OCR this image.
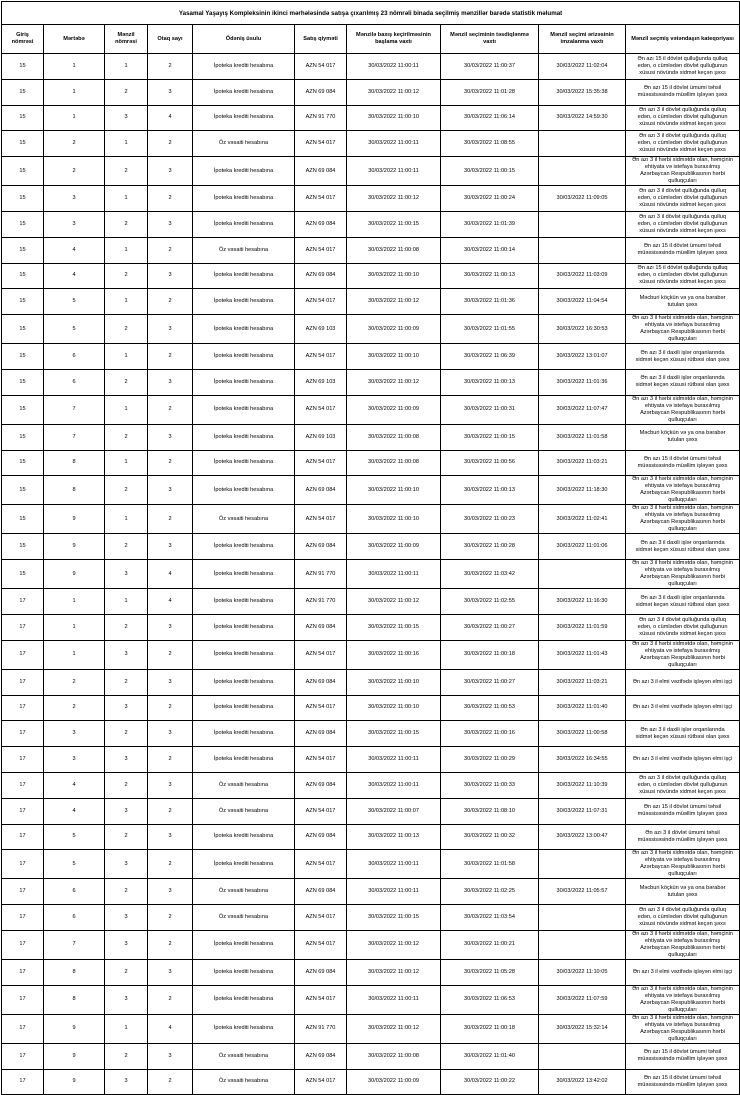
Yasamal Yaşayış Kompleksinin ikinci mərhələsində satışa çıxarılmış 23 nömrəli binada seçilmiş mənzillər barədə statistik məlumat									
Giriş nömrəsi	Mərtəbə	Mənzil nömrəsi	Otaq sayı	Ödəniş üsulu	Satış qiyməti	Mənzilə baxış keçirilməsinin başlama vaxtı	Mənzil seçiminin təsdiqlənmə vaxtı	Mənzil seçimi ərizəsinin imzalanma vaxtı	Mənzil seçmiş vətəndaşın kateqoriyası
15	1	1	2	İpoteka krediti hesabına	AZN 54 017	30/03/2022 11:00:11	30/03/2022 11:00:37	30/03/2022 11:02:04	Ən azı 15 il dövlət qulluğunda qulluq edən, o cümlədən dövlət qulluğunun xüsusi növündə xidmət keçən şəxs
15	1	2	3	İpoteka krediti hesabına	AZN 69 084	30/03/2022 11:00:12	30/03/2022 11:01:28	30/03/2022 15:35:38	Ən azı 15 il dövlət ümumi təhsil müəssisəsində müəllim işləyən şəxs
15	1	3	4	İpoteka krediti hesabına	AZN 91 770	30/03/2022 11:00:10	30/03/2022 11:06:14	30/03/2022 14:59:30	Ən azı 3 il dövlət qulluğunda qulluq edən, o cümlədən dövlət qulluğunun xüsusi növündə xidmət keçən şəxs
15	2	1	2	Öz vəsaiti hesabına	AZN 54 017	30/03/2022 11:00:11	30/03/2022 11:08:55		Ən azı 3 il dövlət qulluğunda qulluq edən, o cümlədən dövlət qulluğunun xüsusi növündə xidmət keçən şəxs
15	2	2	3	İpoteka krediti hesabına	AZN 69 084	30/03/2022 11:00:11	30/03/2022 11:00:15		Ən azı 3 il hərbi xidmətdə olan, həmçinin ehtiyata və istefaya buraxılmış Azərbaycan Respublikasının hərbi qulluqçuları
15	3	1	2	İpoteka krediti hesabına	AZN 54 017	30/03/2022 11:00:12	30/03/2022 11:00:24	30/03/2022 11:09:05	Ən azı 3 il dövlət qulluğunda qulluq edən, o cümlədən dövlət qulluğunun xüsusi növündə xidmət keçən şəxs
15	3	2	3	İpoteka krediti hesabına	AZN 69 084	30/03/2022 11:00:15	30/03/2022 11:01:39		Ən azı 3 il dövlət qulluğunda qulluq edən, o cümlədən dövlət qulluğunun xüsusi növündə xidmət keçən şəxs
15	4	1	2	Öz vəsaiti hesabına	AZN 54 017	30/03/2022 11:00:08	30/03/2022 11:00:14		Ən azı 15 il dövlət ümumi təhsil müəssisəsində müəllim işləyən şəxs
15	4	2	3	İpoteka krediti hesabına	AZN 69 084	30/03/2022 11:00:10	30/03/2022 11:00:13	30/03/2022 11:03:09	Ən azı 15 il dövlət qulluğunda qulluq edən, o cümlədən dövlət qulluğunun xüsusi növündə xidmət keçən şəxs
15	5	1	2	İpoteka krediti hesabına	AZN 54 017	30/03/2022 11:00:12	30/03/2022 11:01:36	30/03/2022 11:04:54	Məcburi köçkün və ya ona bərabər tutulan şəxs
15	5	2	3	İpoteka krediti hesabına	AZN 69 103	30/03/2022 11:00:09	30/03/2022 11:01:55	30/03/2022 16:30:53	Ən azı 3 il hərbi xidmətdə olan, həmçinin ehtiyata və istefaya buraxılmış Azərbaycan Respublikasının hərbi qulluqçuları
15	6	1	2	İpoteka krediti hesabına	AZN 54 017	30/03/2022 11:00:10	30/03/2022 11:06:39	30/03/2022 13:01:07	Ən azı 3 il daxili işlər orqanlarında xidmət keçən xüsusi rütbəsi olan şəxs
15	6	2	3	İpoteka krediti hesabına	AZN 69 103	30/03/2022 11:00:12	30/03/2022 11:00:13	30/03/2022 11:01:36	Ən azı 3 il daxili işlər orqanlarında xidmət keçən xüsusi rütbəsi olan şəxs
15	7	1	2	İpoteka krediti hesabına	AZN 54 017	30/03/2022 11:00:09	30/03/2022 11:00:31	30/03/2022 11:07:47	Ən azı 3 il hərbi xidmətdə olan, həmçinin ehtiyata və istefaya buraxılmış Azərbaycan Respublikasının hərbi qulluqçuları
15	7	2	3	İpoteka krediti hesabına	AZN 69 103	30/03/2022 11:00:08	30/03/2022 11:00:15	30/03/2022 11:01:58	Məcburi köçkün və ya ona bərabər tutulan şəxs
15	8	1	2	İpoteka krediti hesabına	AZN 54 017	30/03/2022 11:00:08	30/03/2022 11:00:56	30/03/2022 11:03:21	Ən azı 15 il dövlət ümumi təhsil müəssisəsində müəllim işləyən şəxs
15	8	2	3	İpoteka krediti hesabına	AZN 69 084	30/03/2022 11:00:10	30/03/2022 11:00:13	30/03/2022 11:18:30	Ən azı 3 il hərbi xidmətdə olan, həmçinin ehtiyata və istefaya buraxılmış Azərbaycan Respublikasının hərbi qulluqçuları
15	9	1	2	Öz vəsaiti hesabına	AZN 54 017	30/03/2022 11:00:10	30/03/2022 11:00:23	30/03/2022 11:02:41	Ən azı 3 il hərbi xidmətdə olan, həmçinin ehtiyata və istefaya buraxılmış Azərbaycan Respublikasının hərbi qulluqçuları
15	9	2	3	İpoteka krediti hesabına	AZN 69 084	30/03/2022 11:00:09	30/03/2022 11:00:28	30/03/2022 11:01:06	Ən azı 3 il daxili işlər orqanlarında xidmət keçən xüsusi rütbəsi olan şəxs
15	9	3	4	İpoteka krediti hesabına	AZN 91 770	30/03/2022 11:00:11	30/03/2022 11:03:42		Ən azı 3 il hərbi xidmətdə olan, həmçinin ehtiyata və istefaya buraxılmış Azərbaycan Respublikasının hərbi qulluqçuları
17	1	1	4	İpoteka krediti hesabına	AZN 91 770	30/03/2022 11:00:12	30/03/2022 11:02:55	30/03/2022 11:16:30	Ən azı 3 il daxili işlər orqanlarında xidmət keçən xüsusi rütbəsi olan şəxs
17	1	2	3	İpoteka krediti hesabına	AZN 69 084	30/03/2022 11:00:15	30/03/2022 11:00:27	30/03/2022 11:01:59	Ən azı 3 il dövlət qulluğunda qulluq edən, o cümlədən dövlət qulluğunun xüsusi növündə xidmət keçən şəxs
17	1	3	2	İpoteka krediti hesabına	AZN 54 017	30/03/2022 11:00:16	30/03/2022 11:00:18	30/03/2022 11:01:43	Ən azı 3 il hərbi xidmətdə olan, həmçinin ehtiyata və istefaya buraxılmış Azərbaycan Respublikasının hərbi qulluqçuları
17	2	2	3	İpoteka krediti hesabına	AZN 69 084	30/03/2022 11:00:10	30/03/2022 11:00:27	30/03/2022 11:03:21	Ən azı 3 il elmi vəzifədə işləyən elmi işçi
17	2	3	2	İpoteka krediti hesabına	AZN 54 017	30/03/2022 11:00:10	30/03/2022 11:00:53	30/03/2022 11:01:40	Ən azı 3 il elmi vəzifədə işləyən elmi işçi
17	3	2	3	İpoteka krediti hesabına	AZN 69 084	30/03/2022 11:00:15	30/03/2022 11:00:16	30/03/2022 11:00:58	Ən azı 3 il daxili işlər orqanlarında xidmət keçən xüsusi rütbəsi olan şəxs
17	3	3	2	İpoteka krediti hesabına	AZN 54 017	30/03/2022 11:00:11	30/03/2022 11:00:29	30/03/2022 16:34:55	Ən azı 3 il elmi vəzifədə işləyən elmi işçi
17	4	2	3	Öz vəsaiti hesabına	AZN 69 084	30/03/2022 11:00:11	30/03/2022 11:00:33	30/03/2022 11:10:39	Ən azı 3 il dövlət qulluğunda qulluq edən, o cümlədən dövlət qulluğunun xüsusi növündə xidmət keçən şəxs
17	4	3	2	Öz vəsaiti hesabına	AZN 54 017	30/03/2022 11:00:07	30/03/2022 11:08:10	30/03/2022 11:07:31	Ən azı 15 il dövlət ümumi təhsil müəssisəsində müəllim işləyən şəxs
17	5	2	3	İpoteka krediti hesabına	AZN 69 084	30/03/2022 11:00:13	30/03/2022 11:00:32	30/03/2022 13:00:47	Ən azı 3 il dövlət ümumi təhsil müəssisəsində müəllim işləyən şəxs
17	5	3	2	İpoteka krediti hesabına	AZN 54 017	30/03/2022 11:00:11	30/03/2022 11:01:58		Ən azı 3 il hərbi xidmətdə olan, həmçinin ehtiyata və istefaya buraxılmış Azərbaycan Respublikasının hərbi qulluqçuları
17	6	2	3	Öz vəsaiti hesabına	AZN 69 084	30/03/2022 11:00:11	30/03/2022 11:02:25	30/03/2022 11:05:57	Məcburi köçkün və ya ona bərabər tutulan şəxs
17	6	3	2	Öz vəsaiti hesabına	AZN 54 017	30/03/2022 11:00:15	30/03/2022 11:03:54		Ən azı 3 il dövlət qulluğunda qulluq edən, o cümlədən dövlət qulluğunun xüsusi növündə xidmət keçən şəxs
17	7	3	2	İpoteka krediti hesabına	AZN 54 017	30/03/2022 11:00:12	30/03/2022 11:00:21		Ən azı 3 il hərbi xidmətdə olan, həmçinin ehtiyata və istefaya buraxılmış Azərbaycan Respublikasının hərbi qulluqçuları
17	8	2	3	İpoteka krediti hesabına	AZN 69 084	30/03/2022 11:00:12	30/03/2022 11:05:28	30/03/2022 11:10:05	Ən azı 3 il elmi vəzifədə işləyən elmi işçi
17	8	3	2	İpoteka krediti hesabına	AZN 54 017	30/03/2022 11:00:11	30/03/2022 11:06:53	30/03/2022 11:07:59	Ən azı 3 il hərbi xidmətdə olan, həmçinin ehtiyata və istefaya buraxılmış Azərbaycan Respublikasının hərbi qulluqçuları
17	9	1	4	İpoteka krediti hesabına	AZN 91 770	30/03/2022 11:00:12	30/03/2022 11:00:18	30/03/2022 15:32:14	Ən azı 3 il hərbi xidmətdə olan, həmçinin ehtiyata və istefaya buraxılmış Azərbaycan Respublikasının hərbi qulluqçuları
17	9	2	3	Öz vəsaiti hesabına	AZN 69 084	30/03/2022 11:00:08	30/03/2022 11:01:40		Ən azı 15 il dövlət ümumi təhsil müəssisəsində müəllim işləyən şəxs
17	9	3	2	Öz vəsaiti hesabına	AZN 54 017	30/03/2022 11:00:09	30/03/2022 11:00:22	30/03/2022 13:42:02	Ən azı 15 il dövlət ümumi təhsil müəssisəsində müəllim işləyən şəxs
